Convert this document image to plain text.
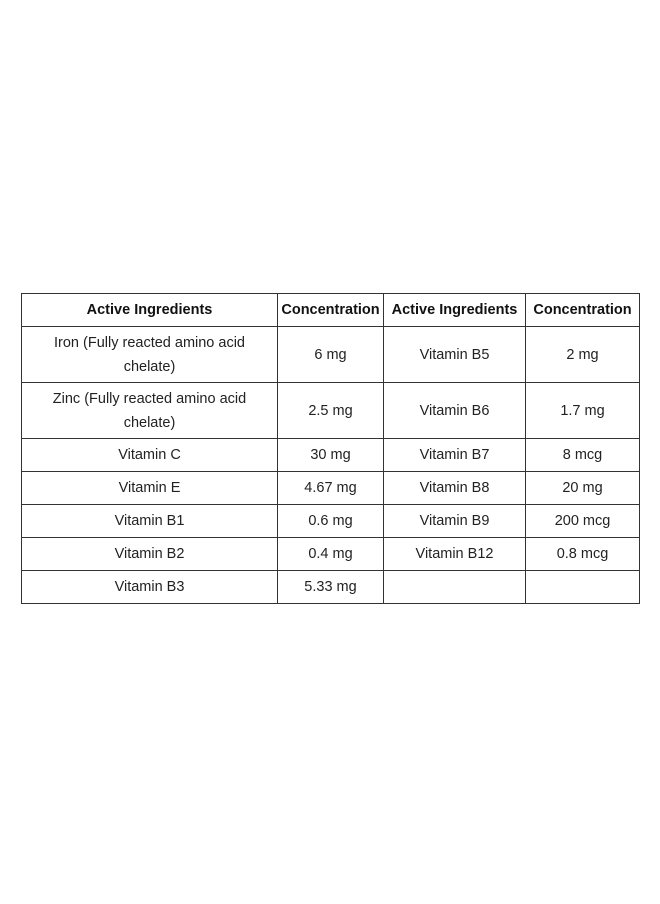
Active Ingredients	Concentration	Active Ingredients	Concentration
Iron (Fully reacted amino acid chelate)	6 mg	Vitamin B5	2 mg
Zinc (Fully reacted amino acid chelate)	2.5 mg	Vitamin B6	1.7 mg
Vitamin C	30 mg	Vitamin B7	8 mcg
Vitamin E	4.67 mg	Vitamin B8	20 mg
Vitamin B1	0.6 mg	Vitamin B9	200 mcg
Vitamin B2	0.4 mg	Vitamin B12	0.8 mcg
Vitamin B3	5.33 mg		
